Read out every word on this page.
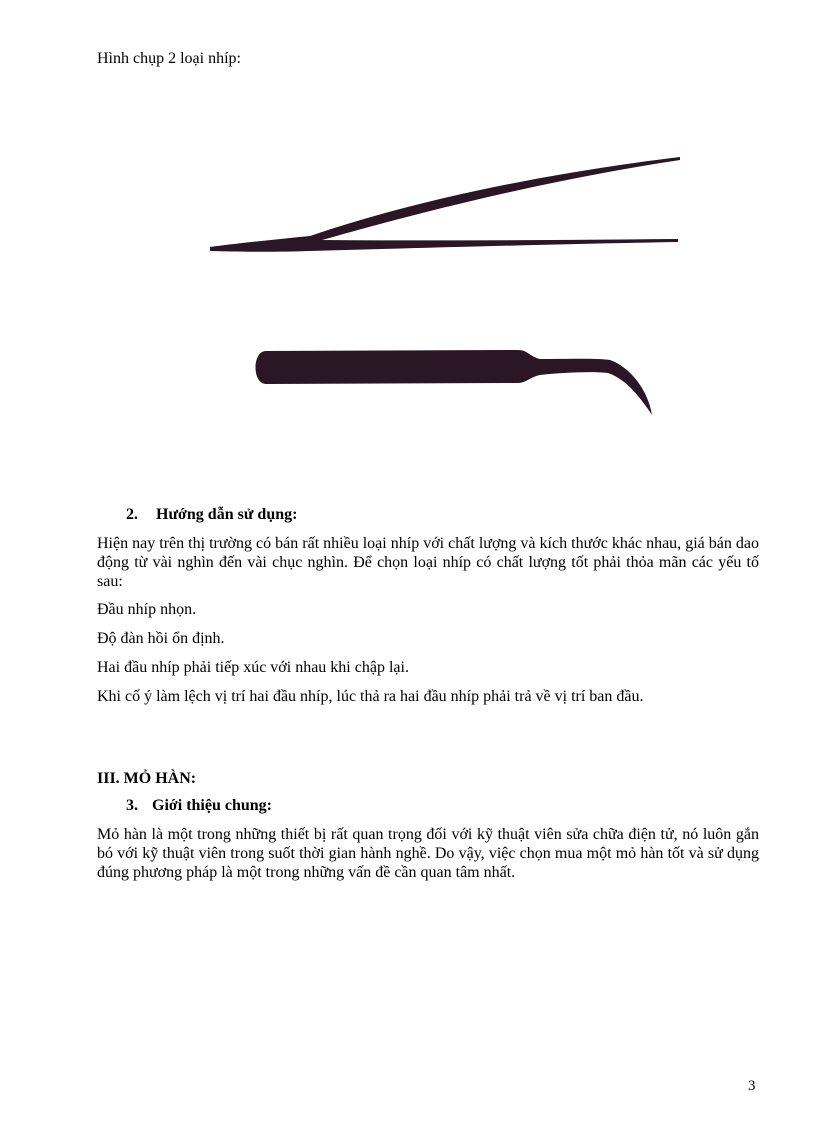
Hình chụp 2 loại nhíp:
2. Hướng dẫn sử dụng:
Hiện nay trên thị trường có bán rất nhiều loại nhíp với chất lượng và kích thước khác nhau, giá bán dao động từ vài nghìn đến vài chục nghìn. Để chọn loại nhíp có chất lượng tốt phải thỏa mãn các yếu tố sau:
Đầu nhíp nhọn.
Độ đàn hồi ổn định.
Hai đầu nhíp phải tiếp xúc với nhau khi chập lại.
Khi cố ý làm lệch vị trí hai đầu nhíp, lúc thả ra hai đầu nhíp phải trả về vị trí ban đầu.
III. MỎ HÀN:
3. Giới thiệu chung:
Mỏ hàn là một trong những thiết bị rất quan trọng đối với kỹ thuật viên sửa chữa điện tử, nó luôn gắn bó với kỹ thuật viên trong suốt thời gian hành nghề. Do vậy, việc chọn mua một mỏ hàn tốt và sử dụng đúng phương pháp là một trong những vấn đề cần quan tâm nhất.
3
